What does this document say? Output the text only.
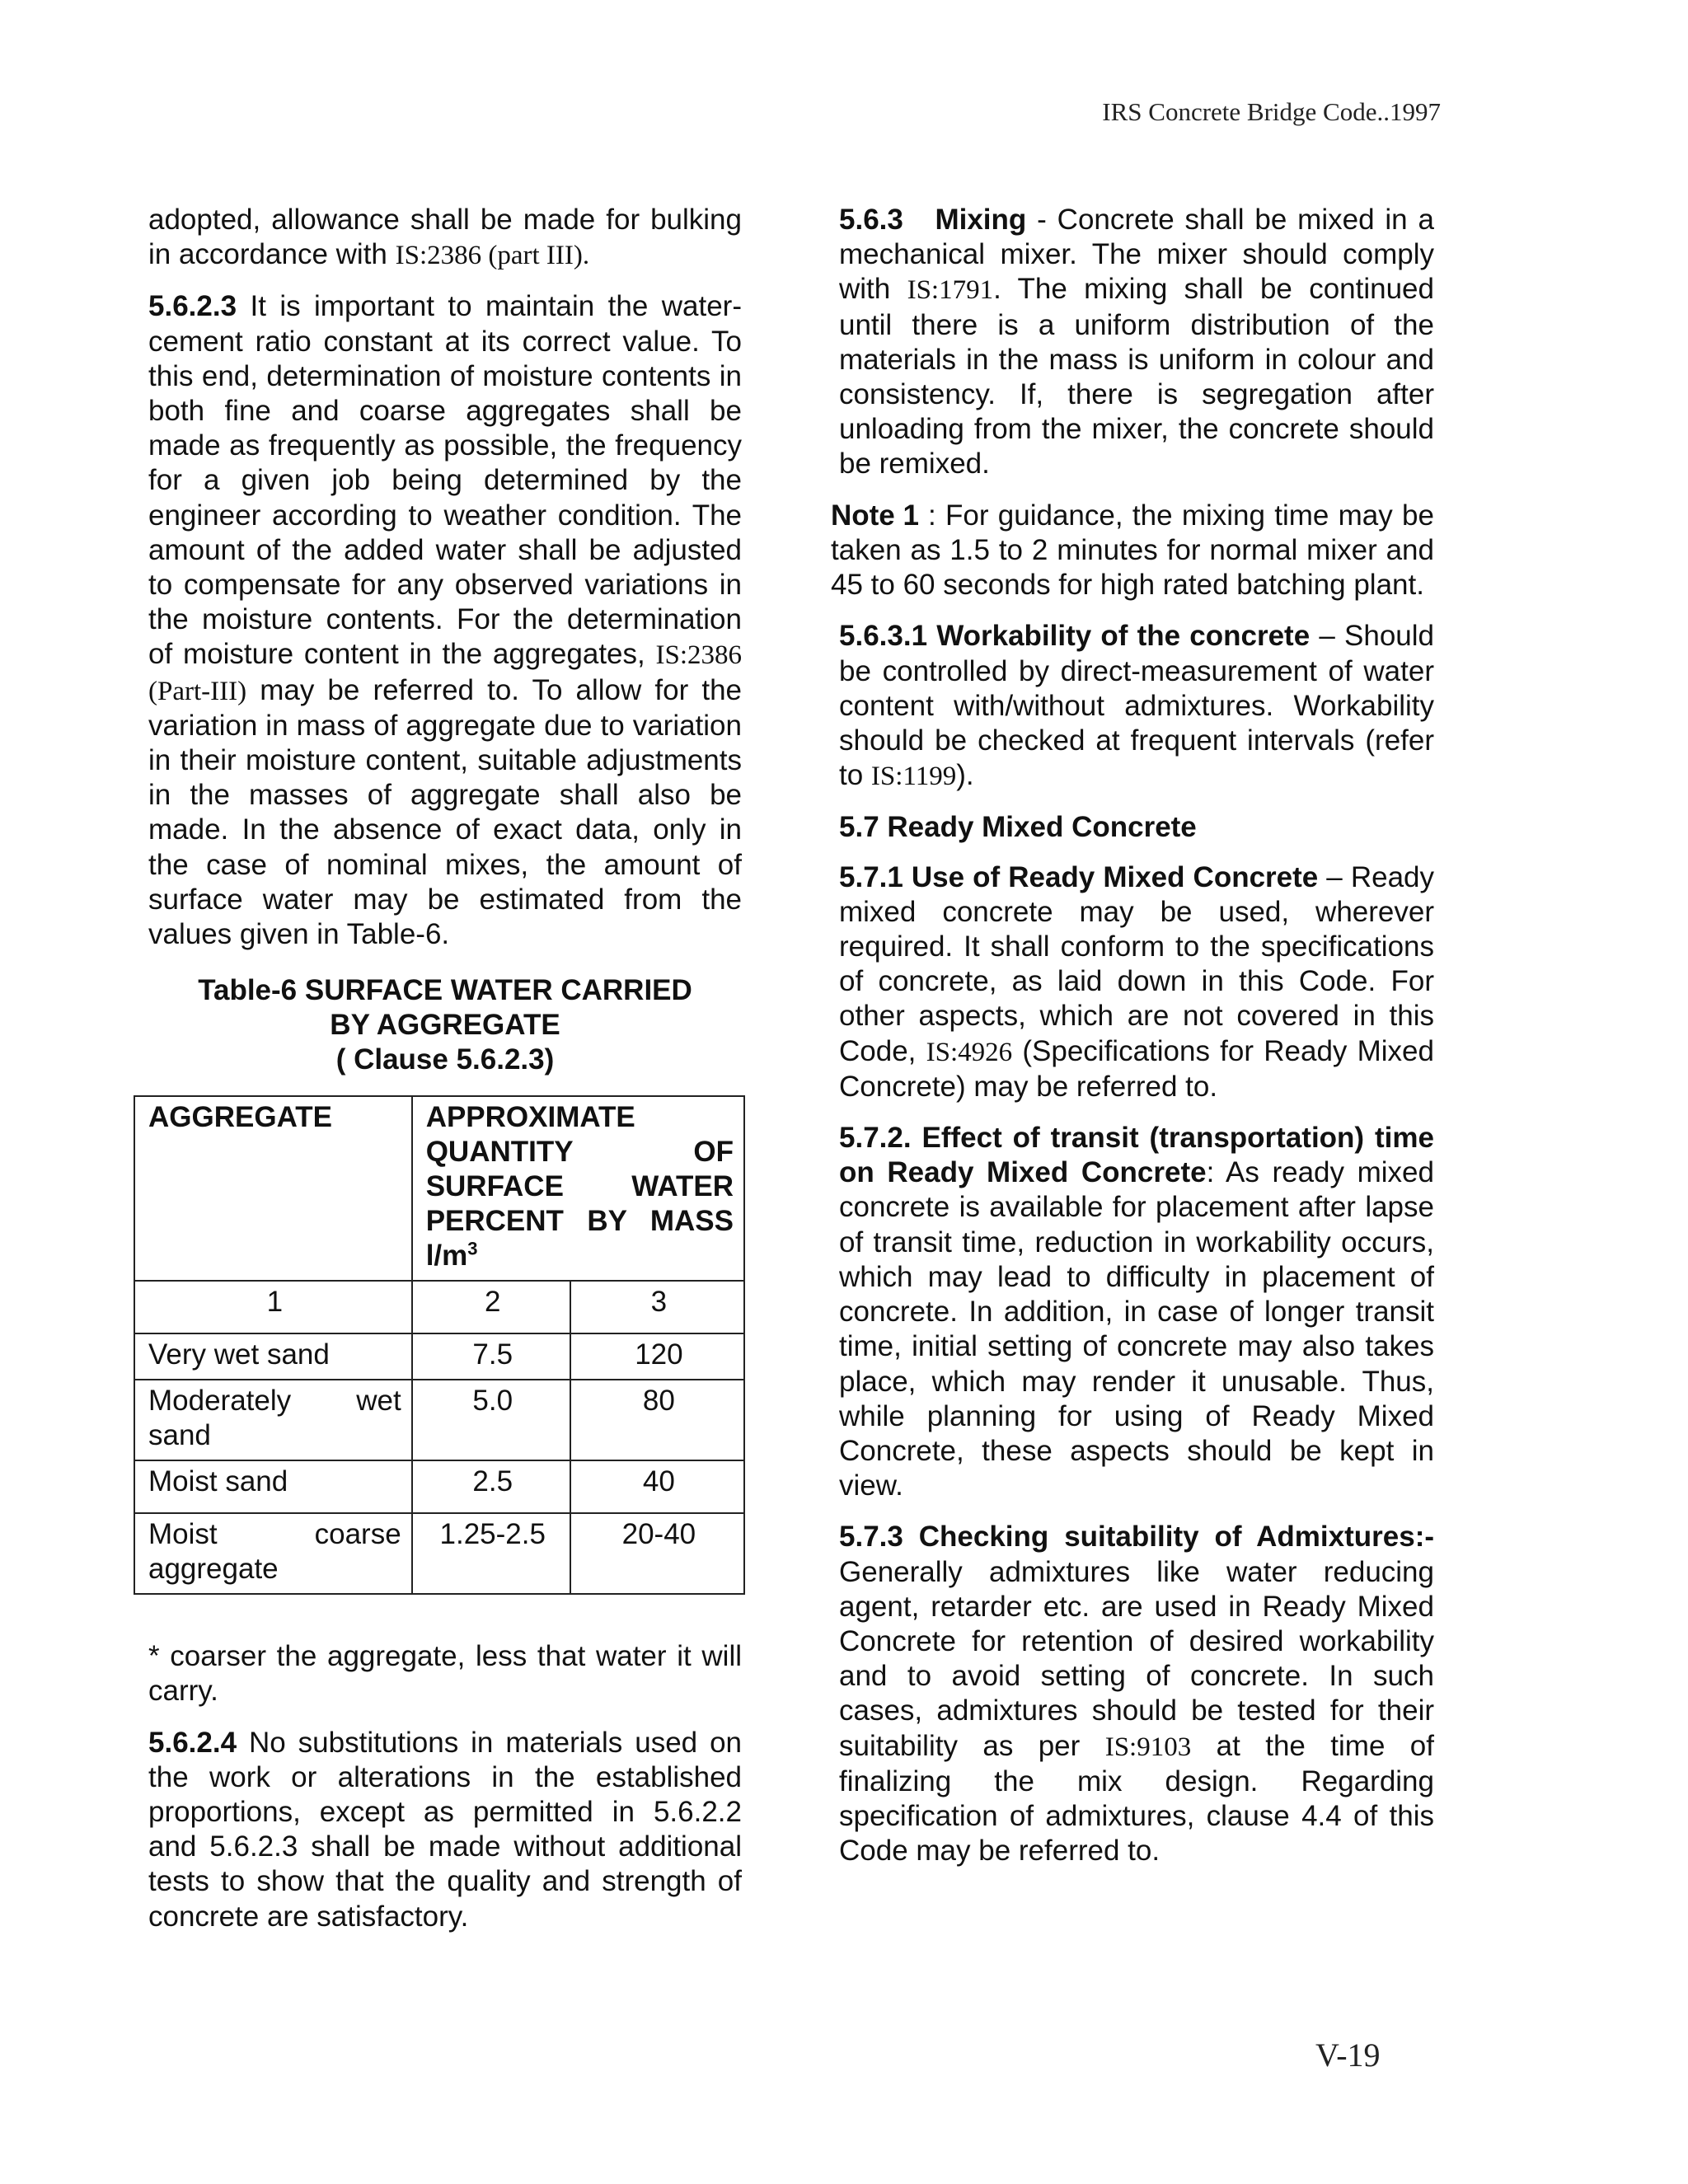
IRS Concrete Bridge Code..1997

adopted, allowance shall be made for bulking in accordance with IS:2386 (part III).

5.6.2.3 It is important to maintain the water-cement ratio constant at its correct value. To this end, determination of moisture contents in both fine and coarse aggregates shall be made as frequently as possible, the frequency for a given job being determined by the engineer according to weather condition. The amount of the added water shall be adjusted to compensate for any observed variations in the moisture contents. For the determination of moisture content in the aggregates, IS:2386 (Part-III) may be referred to. To allow for the variation in mass of aggregate due to variation in their moisture content, suitable adjustments in the masses of aggregate shall also be made. In the absence of exact data, only in the case of nominal mixes, the amount of surface water may be estimated from the values given in Table-6.

Table-6 SURFACE WATER CARRIED
BY AGGREGATE
( Clause 5.6.2.3)
AGGREGATE	APPROXIMATE QUANTITY OF SURFACE WATER PERCENT BY MASS $l/m^3$
1	2	3
Very wet sand	7.5	120
Moderately wet sand	5.0	80
Moist sand	2.5	40
Moist coarse aggregate	1.25-2.5	20-40

* coarser the aggregate, less that water it will carry.

5.6.2.4 No substitutions in materials used on the work or alterations in the established proportions, except as permitted in 5.6.2.2 and 5.6.2.3 shall be made without additional tests to show that the quality and strength of concrete are satisfactory.

5.6.3 Mixing - Concrete shall be mixed in a mechanical mixer. The mixer should comply with IS:1791. The mixing shall be continued until there is a uniform distribution of the materials in the mass is uniform in colour and consistency. If, there is segregation after unloading from the mixer, the concrete should be remixed.

Note 1 : For guidance, the mixing time may be taken as 1.5 to 2 minutes for normal mixer and 45 to 60 seconds for high rated batching plant.

5.6.3.1 Workability of the concrete – Should be controlled by direct-measurement of water content with/without admixtures. Workability should be checked at frequent intervals (refer to IS:1199).

5.7 Ready Mixed Concrete

5.7.1 Use of Ready Mixed Concrete – Ready mixed concrete may be used, wherever required. It shall conform to the specifications of concrete, as laid down in this Code. For other aspects, which are not covered in this Code, IS:4926 (Specifications for Ready Mixed Concrete) may be referred to.

5.7.2. Effect of transit (transportation) time on Ready Mixed Concrete: As ready mixed concrete is available for placement after lapse of transit time, reduction in workability occurs, which may lead to difficulty in placement of concrete. In addition, in case of longer transit time, initial setting of concrete may also takes place, which may render it unusable. Thus, while planning for using of Ready Mixed Concrete, these aspects should be kept in view.

5.7.3 Checking suitability of Admixtures:- Generally admixtures like water reducing agent, retarder etc. are used in Ready Mixed Concrete for retention of desired workability and to avoid setting of concrete. In such cases, admixtures should be tested for their suitability as per IS:9103 at the time of finalizing the mix design. Regarding specification of admixtures, clause 4.4 of this Code may be referred to.

V-19
